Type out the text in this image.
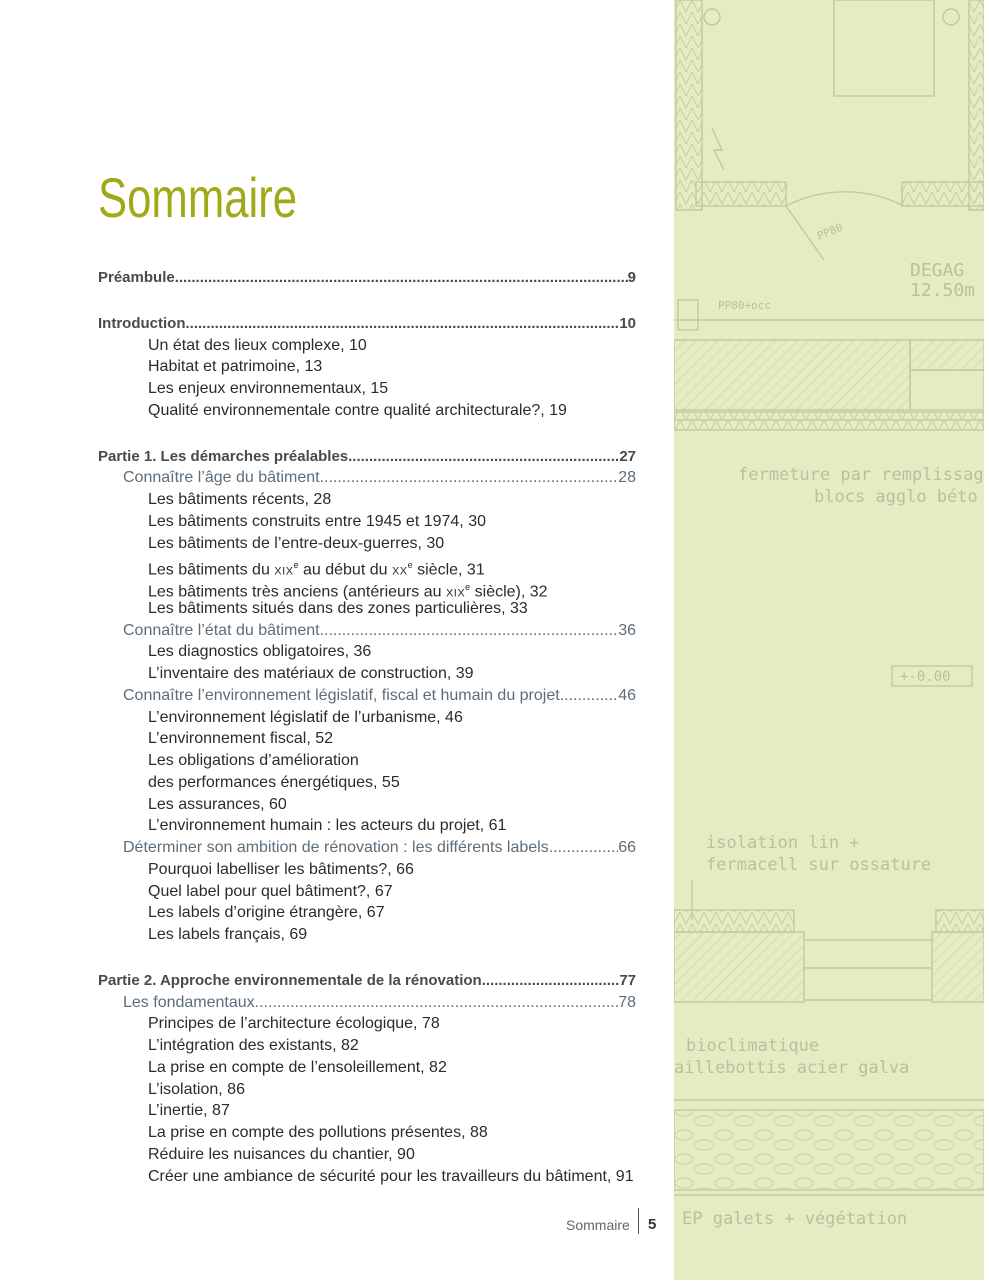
Sommaire
Préambule .....	9
Introduction .....	10
Un état des lieux complexe, 10
Habitat et patrimoine, 13
Les enjeux environnementaux, 15
Qualité environnementale contre qualité architecturale?, 19
Partie 1. Les démarches préalables .....	27
Connaître l’âge du bâtiment .....	28
Les bâtiments récents, 28
Les bâtiments construits entre 1945 et 1974, 30
Les bâtiments de l’entre-deux-guerres, 30
Les bâtiments du XIXe au début du XXe siècle, 31
Les bâtiments très anciens (antérieurs au XIXe siècle), 32
Les bâtiments situés dans des zones particulières, 33
Connaître l’état du bâtiment .....	36
Les diagnostics obligatoires, 36
L’inventaire des matériaux de construction, 39
Connaître l’environnement législatif, fiscal et humain du projet .....	46
L’environnement législatif de l’urbanisme, 46
L’environnement fiscal, 52
Les obligations d’amélioration
des performances énergétiques, 55
Les assurances, 60
L’environnement humain : les acteurs du projet, 61
Déterminer son ambition de rénovation : les différents labels .....	66
Pourquoi labelliser les bâtiments?, 66
Quel label pour quel bâtiment?, 67
Les labels d’origine étrangère, 67
Les labels français, 69
Partie 2. Approche environnementale de la rénovation .....	77
Les fondamentaux .....	78
Principes de l’architecture écologique, 78
L’intégration des existants, 82
La prise en compte de l’ensoleillement, 82
L’isolation, 86
L’inertie, 87
La prise en compte des pollutions présentes, 88
Réduire les nuisances du chantier, 90
Créer une ambiance de sécurité pour les travailleurs du bâtiment, 91
PP80
PP80+occ
DEGAG
12.50m
fermeture par remplissag
blocs agglo béto
+-0.00
isolation lin +
fermacell sur ossature
bioclimatique
aillebottis acier galva
EP galets + végétation
Sommaire 5
